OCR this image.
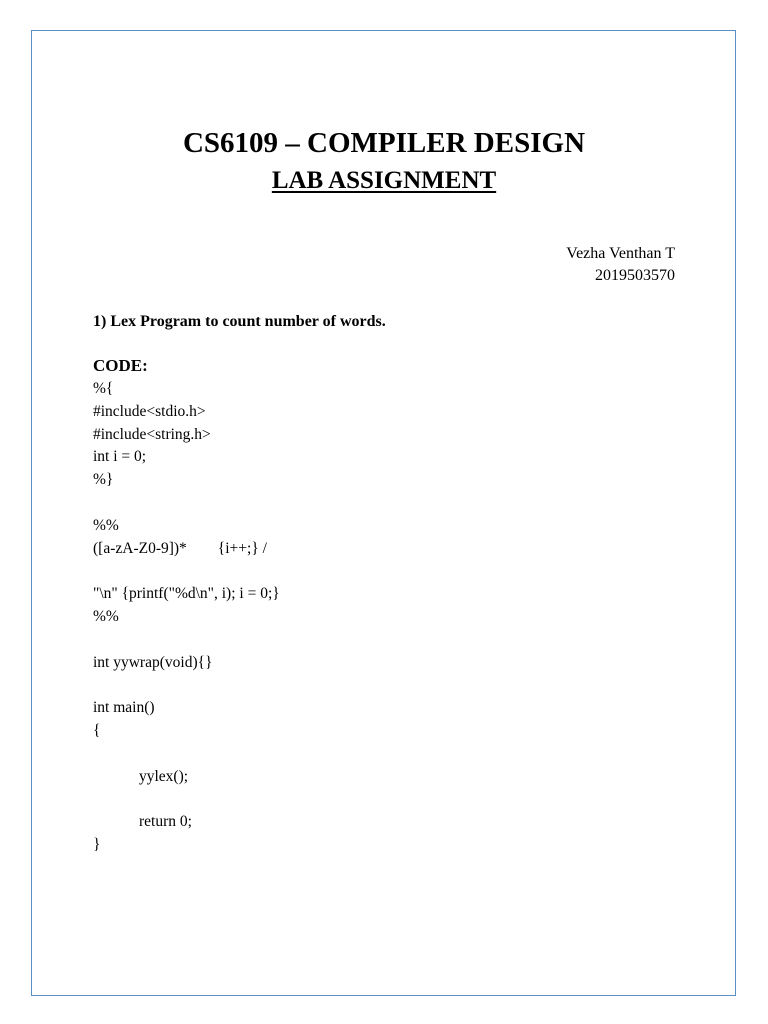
CS6109 – COMPILER DESIGN
LAB ASSIGNMENT
Vezha Venthan T
2019503570
1) Lex Program to count number of words.
CODE:
%{
#include<stdio.h>
#include<string.h>
int i = 0;
%}
%%
([a-zA-Z0-9])*        {i++;} /
"\n" {printf("%d\n", i); i = 0;}
%%
int yywrap(void){}
int main()
{
yylex();
return 0;
}
